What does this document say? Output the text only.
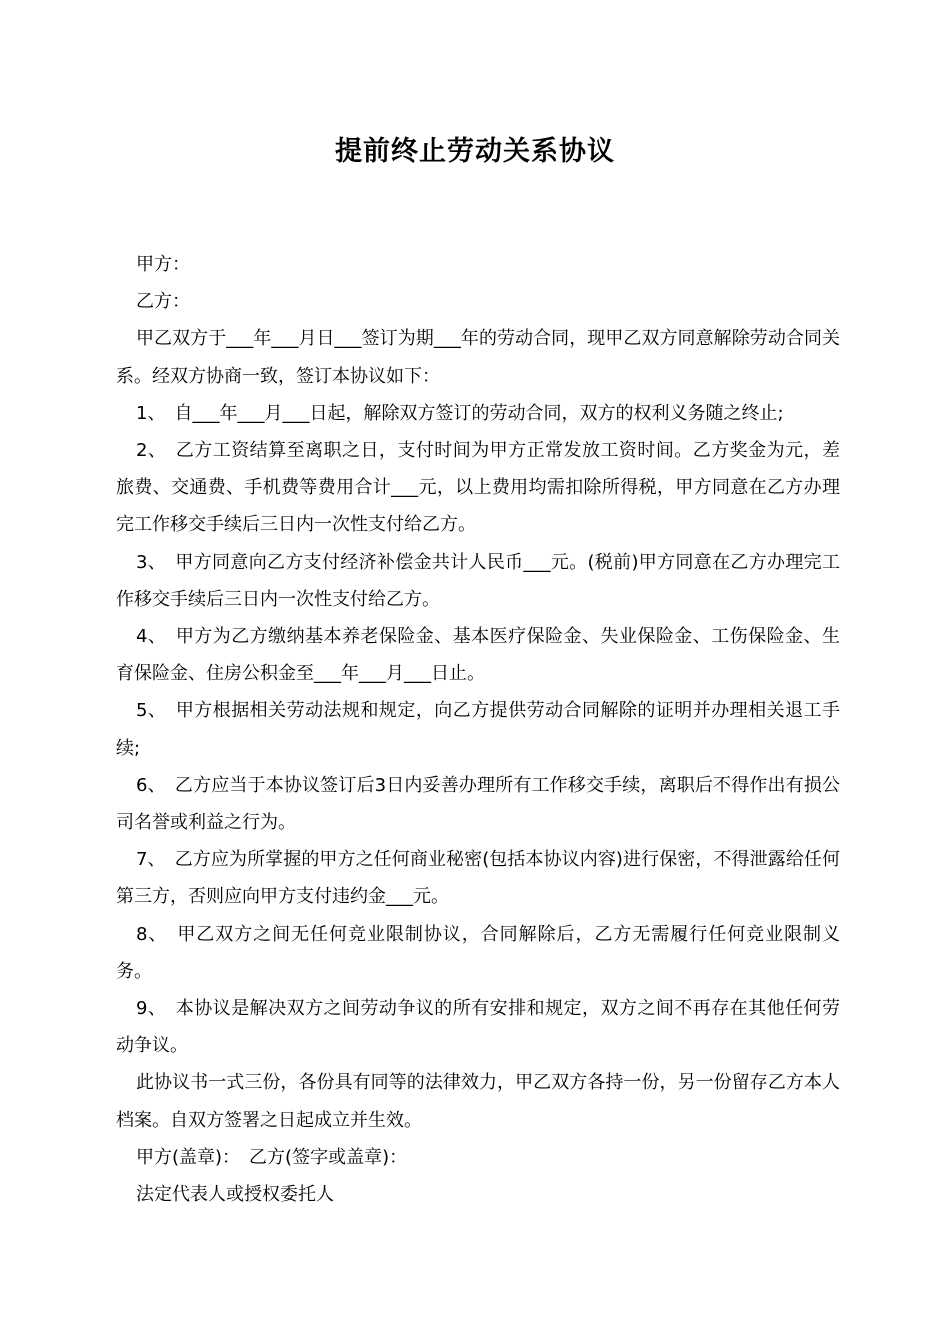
提前终止劳动关系协议

甲方：

乙方：

甲乙双方于___年___月日___签订为期___年的劳动合同，现甲乙双方同意解除劳动合同关系。经双方协商一致，签订本协议如下：

1、　自___年___月___日起，解除双方签订的劳动合同，双方的权利义务随之终止;

2、　乙方工资结算至离职之日，支付时间为甲方正常发放工资时间。乙方奖金为元，差旅费、交通费、手机费等费用合计___元，以上费用均需扣除所得税，甲方同意在乙方办理完工作移交手续后三日内一次性支付给乙方。

3、　甲方同意向乙方支付经济补偿金共计人民币___元。(税前)甲方同意在乙方办理完工作移交手续后三日内一次性支付给乙方。

4、　甲方为乙方缴纳基本养老保险金、基本医疗保险金、失业保险金、工伤保险金、生育保险金、住房公积金至___年___月___日止。

5、　甲方根据相关劳动法规和规定，向乙方提供劳动合同解除的证明并办理相关退工手续;

6、　乙方应当于本协议签订后3日内妥善办理所有工作移交手续，离职后不得作出有损公司名誉或利益之行为。

7、　乙方应为所掌握的甲方之任何商业秘密(包括本协议内容)进行保密，不得泄露给任何第三方，否则应向甲方支付违约金___元。

8、　甲乙双方之间无任何竞业限制协议，合同解除后，乙方无需履行任何竞业限制义务。

9、　本协议是解决双方之间劳动争议的所有安排和规定，双方之间不再存在其他任何劳动争议。

此协议书一式三份，各份具有同等的法律效力，甲乙双方各持一份，另一份留存乙方本人档案。自双方签署之日起成立并生效。

甲方(盖章)：　乙方(签字或盖章)：

法定代表人或授权委托人
